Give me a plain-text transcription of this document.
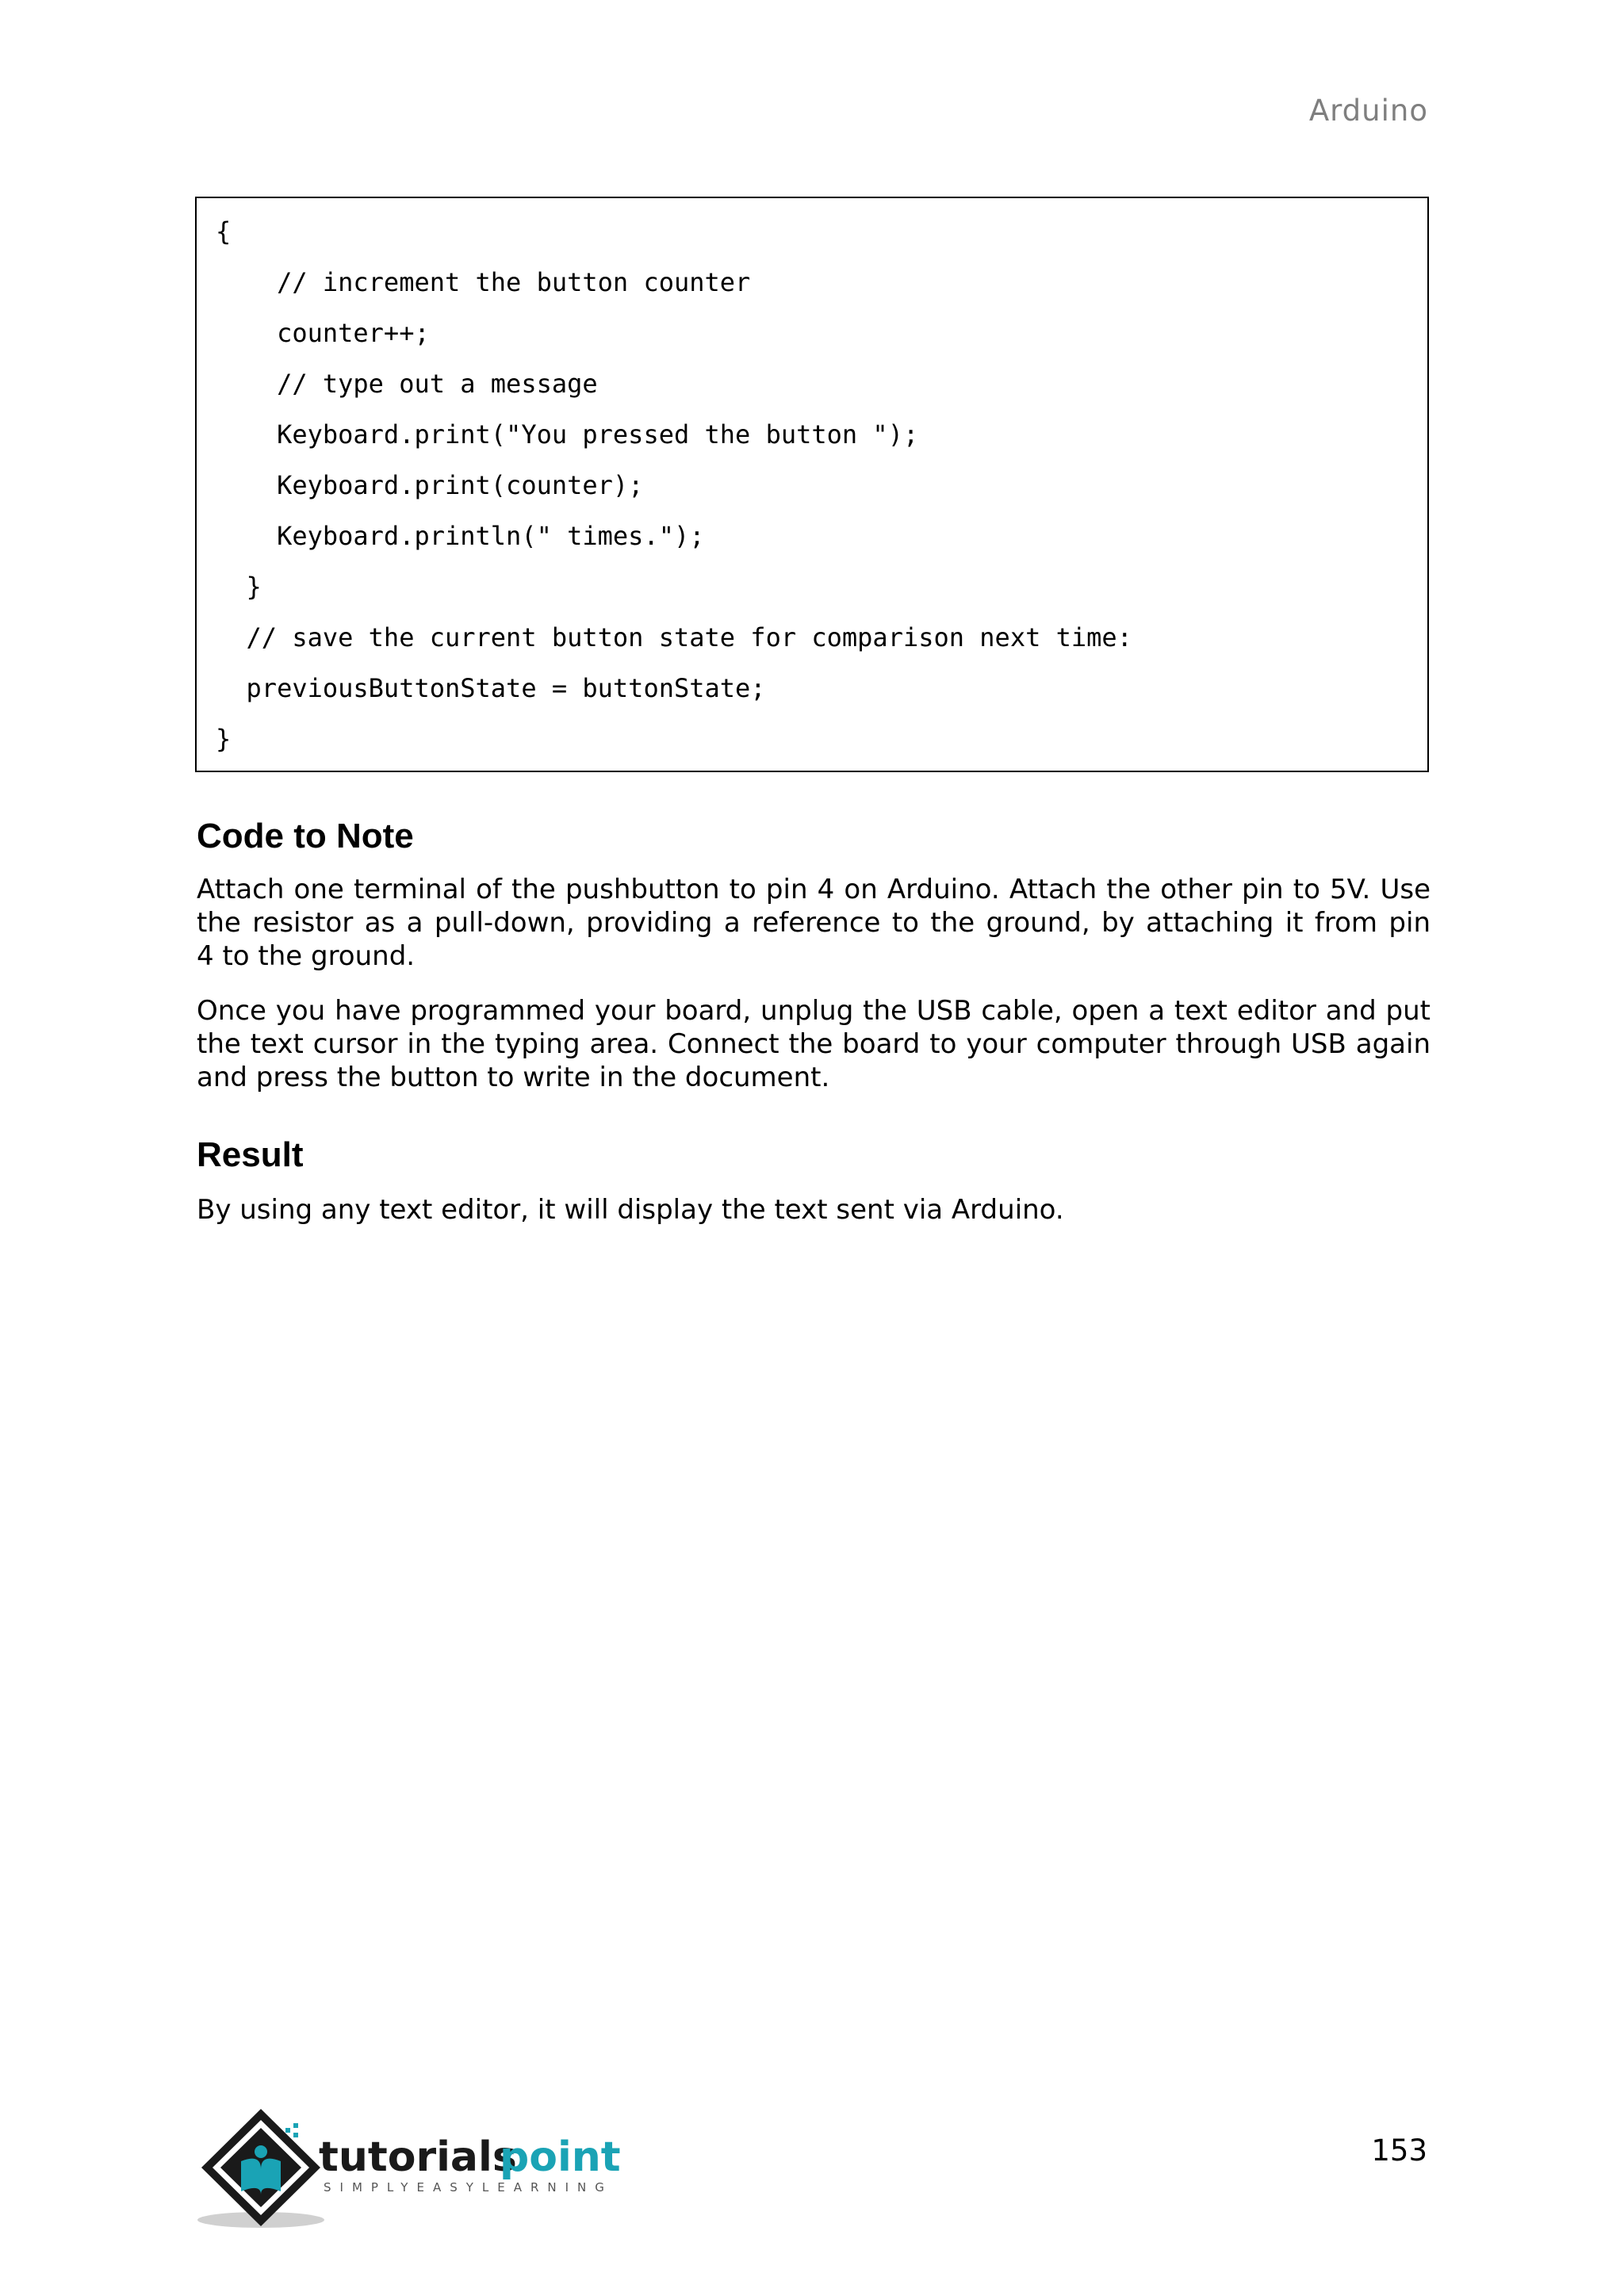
Arduino
{
// increment the button counter
counter++;
// type out a message
Keyboard.print("You pressed the button ");
Keyboard.print(counter);
Keyboard.println(" times.");
}
// save the current button state for comparison next time:
previousButtonState = buttonState;
}
Code to Note
Attach one terminal of the pushbutton to pin 4 on Arduino. Attach the other pin to 5V. Use
the resistor as a pull-down, providing a reference to the ground, by attaching it from pin
4 to the ground.
Once you have programmed your board, unplug the USB cable, open a text editor and put
the text cursor in the typing area. Connect the board to your computer through USB again
and press the button to write in the document.
Result
By using any text editor, it will display the text sent via Arduino.
tutorials
point
SIMPLYEASYLEARNING
153
